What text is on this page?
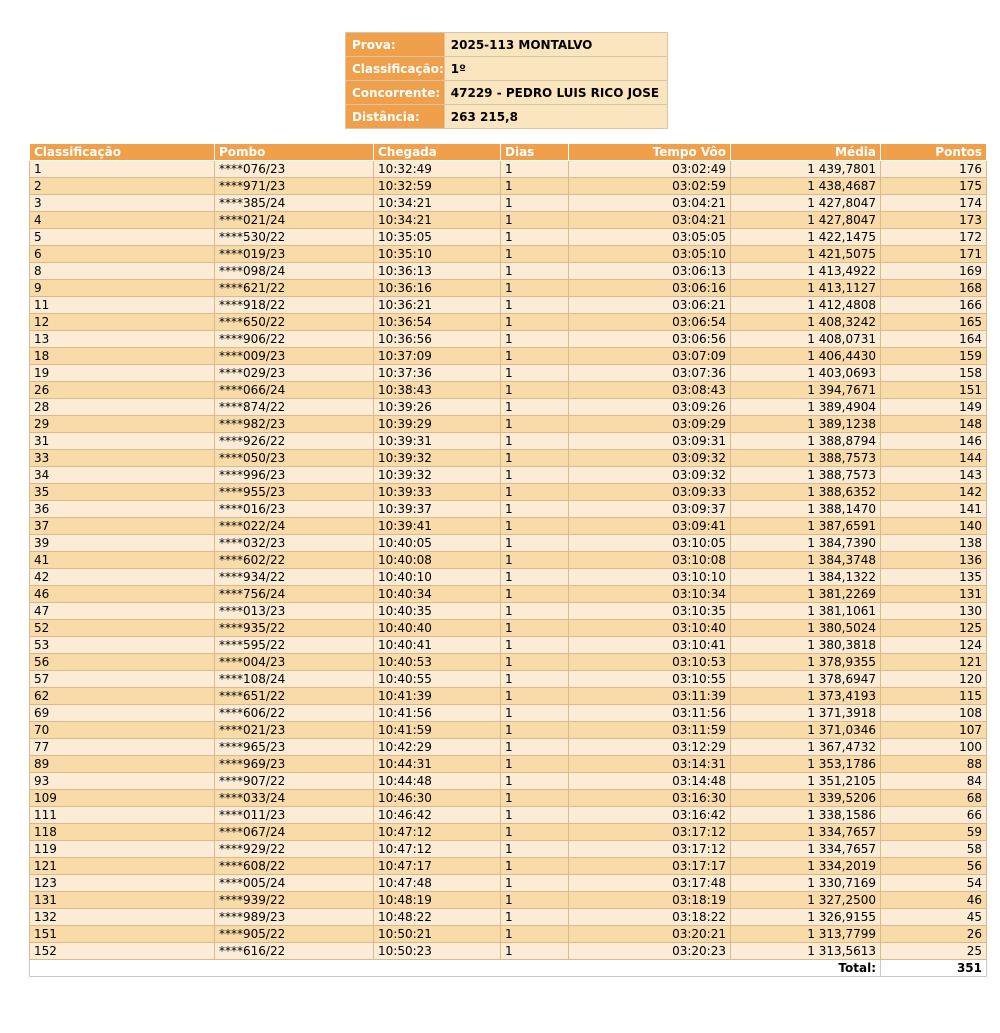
Prova:	2025-113 MONTALVO
Classificação:	1º
Concorrente:	47229 - PEDRO LUIS RICO JOSE
Distância:	263 215,8
Classificação	Pombo	Chegada	Dias	Tempo Vôo	Média	Pontos
1	****076/23	10:32:49	1	03:02:49	1 439,7801	176
2	****971/23	10:32:59	1	03:02:59	1 438,4687	175
3	****385/24	10:34:21	1	03:04:21	1 427,8047	174
4	****021/24	10:34:21	1	03:04:21	1 427,8047	173
5	****530/22	10:35:05	1	03:05:05	1 422,1475	172
6	****019/23	10:35:10	1	03:05:10	1 421,5075	171
8	****098/24	10:36:13	1	03:06:13	1 413,4922	169
9	****621/22	10:36:16	1	03:06:16	1 413,1127	168
11	****918/22	10:36:21	1	03:06:21	1 412,4808	166
12	****650/22	10:36:54	1	03:06:54	1 408,3242	165
13	****906/22	10:36:56	1	03:06:56	1 408,0731	164
18	****009/23	10:37:09	1	03:07:09	1 406,4430	159
19	****029/23	10:37:36	1	03:07:36	1 403,0693	158
26	****066/24	10:38:43	1	03:08:43	1 394,7671	151
28	****874/22	10:39:26	1	03:09:26	1 389,4904	149
29	****982/23	10:39:29	1	03:09:29	1 389,1238	148
31	****926/22	10:39:31	1	03:09:31	1 388,8794	146
33	****050/23	10:39:32	1	03:09:32	1 388,7573	144
34	****996/23	10:39:32	1	03:09:32	1 388,7573	143
35	****955/23	10:39:33	1	03:09:33	1 388,6352	142
36	****016/23	10:39:37	1	03:09:37	1 388,1470	141
37	****022/24	10:39:41	1	03:09:41	1 387,6591	140
39	****032/23	10:40:05	1	03:10:05	1 384,7390	138
41	****602/22	10:40:08	1	03:10:08	1 384,3748	136
42	****934/22	10:40:10	1	03:10:10	1 384,1322	135
46	****756/24	10:40:34	1	03:10:34	1 381,2269	131
47	****013/23	10:40:35	1	03:10:35	1 381,1061	130
52	****935/22	10:40:40	1	03:10:40	1 380,5024	125
53	****595/22	10:40:41	1	03:10:41	1 380,3818	124
56	****004/23	10:40:53	1	03:10:53	1 378,9355	121
57	****108/24	10:40:55	1	03:10:55	1 378,6947	120
62	****651/22	10:41:39	1	03:11:39	1 373,4193	115
69	****606/22	10:41:56	1	03:11:56	1 371,3918	108
70	****021/23	10:41:59	1	03:11:59	1 371,0346	107
77	****965/23	10:42:29	1	03:12:29	1 367,4732	100
89	****969/23	10:44:31	1	03:14:31	1 353,1786	88
93	****907/22	10:44:48	1	03:14:48	1 351,2105	84
109	****033/24	10:46:30	1	03:16:30	1 339,5206	68
111	****011/23	10:46:42	1	03:16:42	1 338,1586	66
118	****067/24	10:47:12	1	03:17:12	1 334,7657	59
119	****929/22	10:47:12	1	03:17:12	1 334,7657	58
121	****608/22	10:47:17	1	03:17:17	1 334,2019	56
123	****005/24	10:47:48	1	03:17:48	1 330,7169	54
131	****939/22	10:48:19	1	03:18:19	1 327,2500	46
132	****989/23	10:48:22	1	03:18:22	1 326,9155	45
151	****905/22	10:50:21	1	03:20:21	1 313,7799	26
152	****616/22	10:50:23	1	03:20:23	1 313,5613	25
Total:						351
